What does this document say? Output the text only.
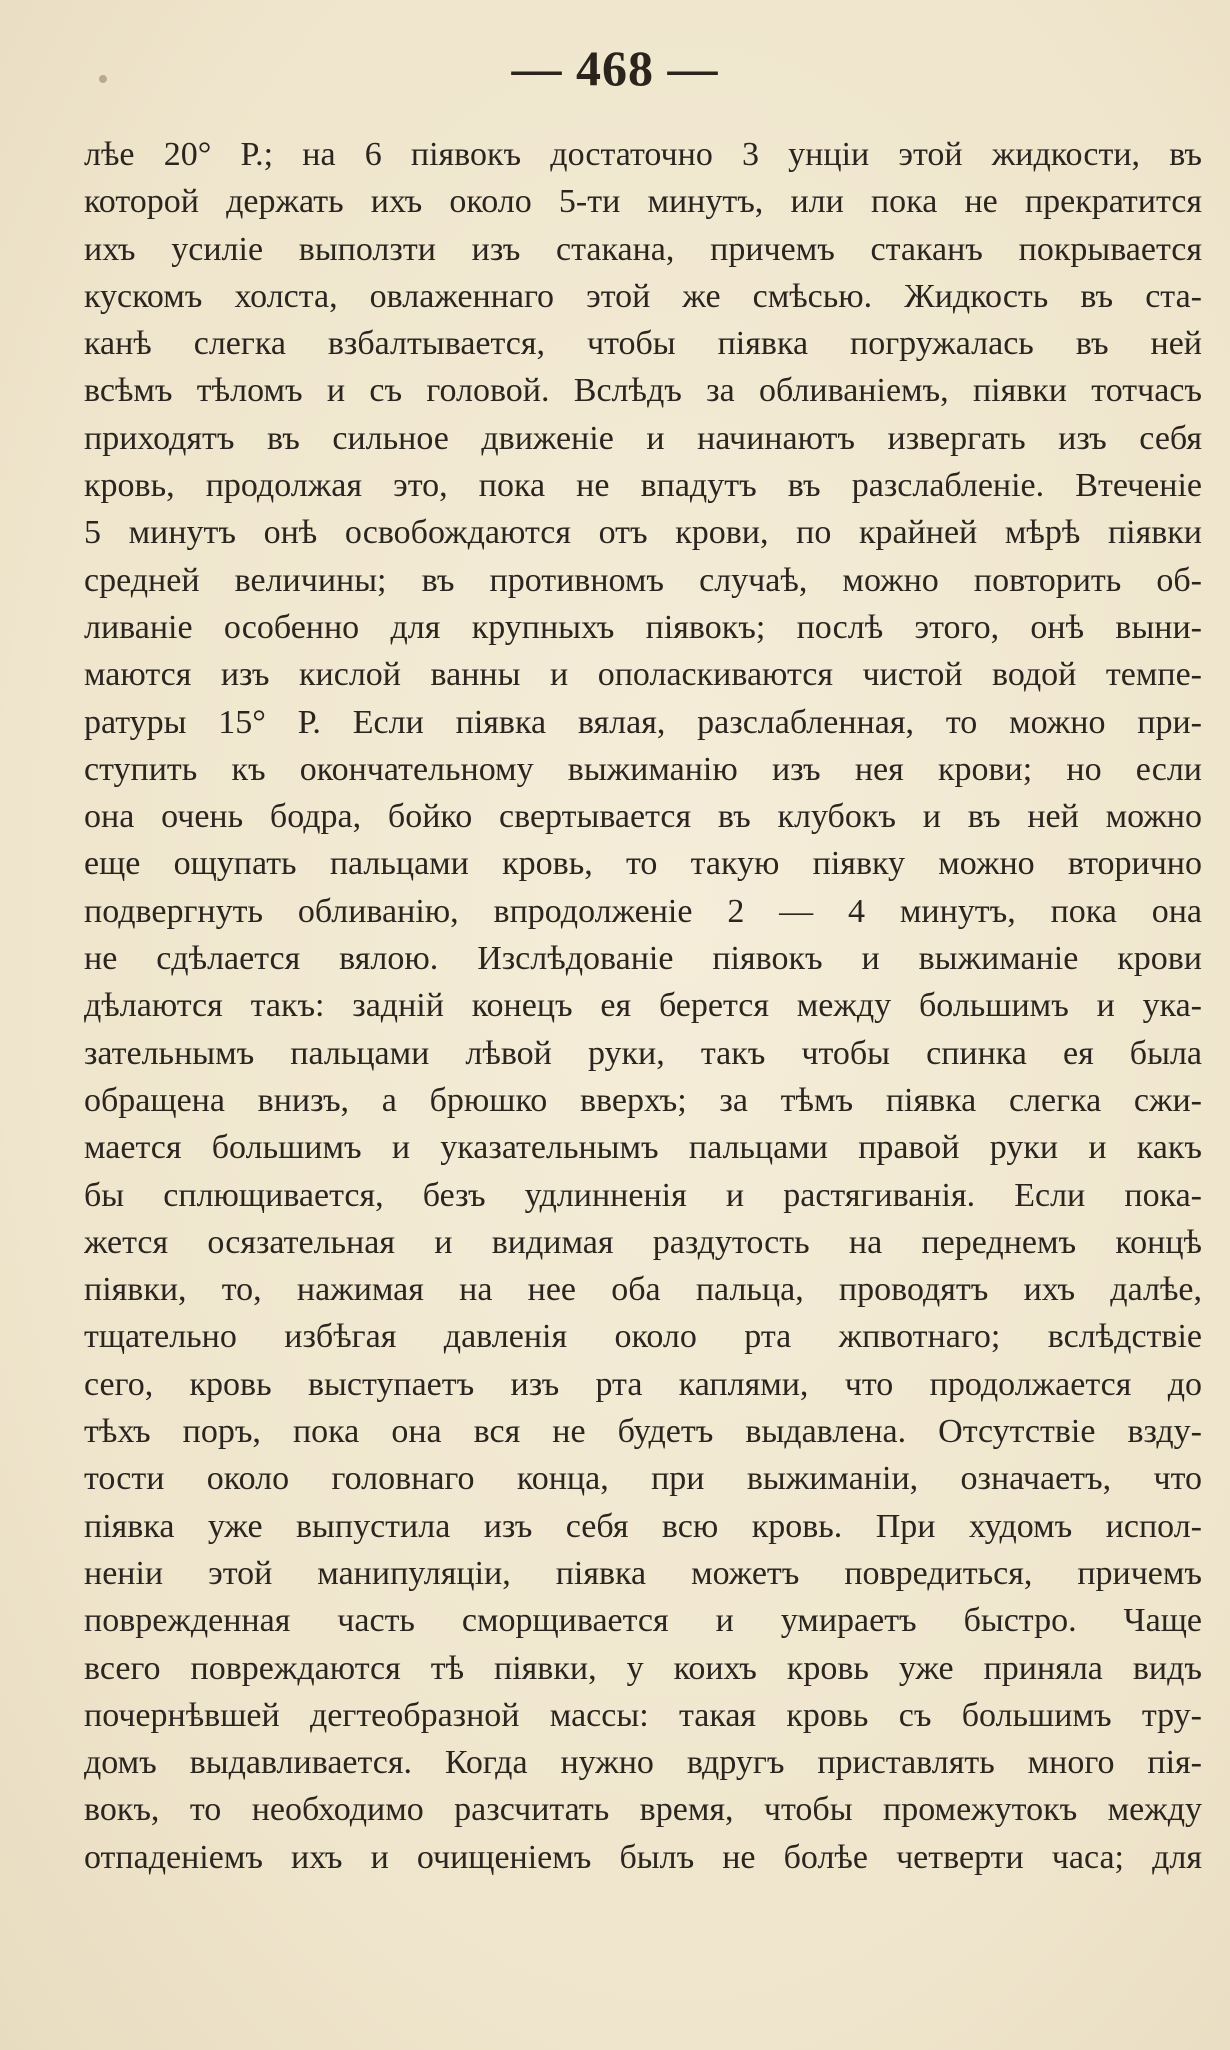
— 468 —
лѣе 20° Р.; на 6 піявокъ достаточно 3 унціи этой жидкости, въ
которой держать ихъ около 5-ти минутъ, или пока не прекратится
ихъ усиліе выползти изъ стакана, причемъ стаканъ покрывается
кускомъ холста, овлаженнаго этой же смѣсью. Жидкость въ ста-
канѣ слегка взбалтывается, чтобы піявка погружалась въ ней
всѣмъ тѣломъ и съ головой. Вслѣдъ за обливаніемъ, піявки тотчасъ
приходятъ въ сильное движеніе и начинаютъ извергать изъ себя
кровь, продолжая это, пока не впадутъ въ разслабленіе. Втеченіе
5 минутъ онѣ освобождаются отъ крови, по крайней мѣрѣ піявки
средней величины; въ противномъ случаѣ, можно повторить об-
ливаніе особенно для крупныхъ піявокъ; послѣ этого, онѣ выни-
маются изъ кислой ванны и ополаскиваются чистой водой темпе-
ратуры 15° Р. Если піявка вялая, разслабленная, то можно при-
ступить къ окончательному выжиманію изъ нея крови; но если
она очень бодра, бойко свертывается въ клубокъ и въ ней можно
еще ощупать пальцами кровь, то такую піявку можно вторично
подвергнуть обливанію, впродолженіе 2 — 4 минутъ, пока она
не сдѣлается вялою. Изслѣдованіе піявокъ и выжиманіе крови
дѣлаются такъ: задній конецъ ея берется между большимъ и ука-
зательнымъ пальцами лѣвой руки, такъ чтобы спинка ея была
обращена внизъ, а брюшко вверхъ; за тѣмъ піявка слегка сжи-
мается большимъ и указательнымъ пальцами правой руки и какъ
бы сплющивается, безъ удлинненія и растягиванія. Если пока-
жется осязательная и видимая раздутость на переднемъ концѣ
піявки, то, нажимая на нее оба пальца, проводятъ ихъ далѣе,
тщательно избѣгая давленія около рта жпвотнаго; вслѣдствіе
сего, кровь выступаетъ изъ рта каплями, что продолжается до
тѣхъ поръ, пока она вся не будетъ выдавлена. Отсутствіе взду-
тости около головнаго конца, при выжиманіи, означаетъ, что
піявка уже выпустила изъ себя всю кровь. При худомъ испол-
неніи этой манипуляціи, піявка можетъ повредиться, причемъ
поврежденная часть сморщивается и умираетъ быстро. Чаще
всего повреждаются тѣ піявки, у коихъ кровь уже приняла видъ
почернѣвшей дегтеобразной массы: такая кровь съ большимъ тру-
домъ выдавливается. Когда нужно вдругъ приставлять много пія-
вокъ, то необходимо разсчитать время, чтобы промежутокъ между
отпаденіемъ ихъ и очищеніемъ былъ не болѣе четверти часа; для
